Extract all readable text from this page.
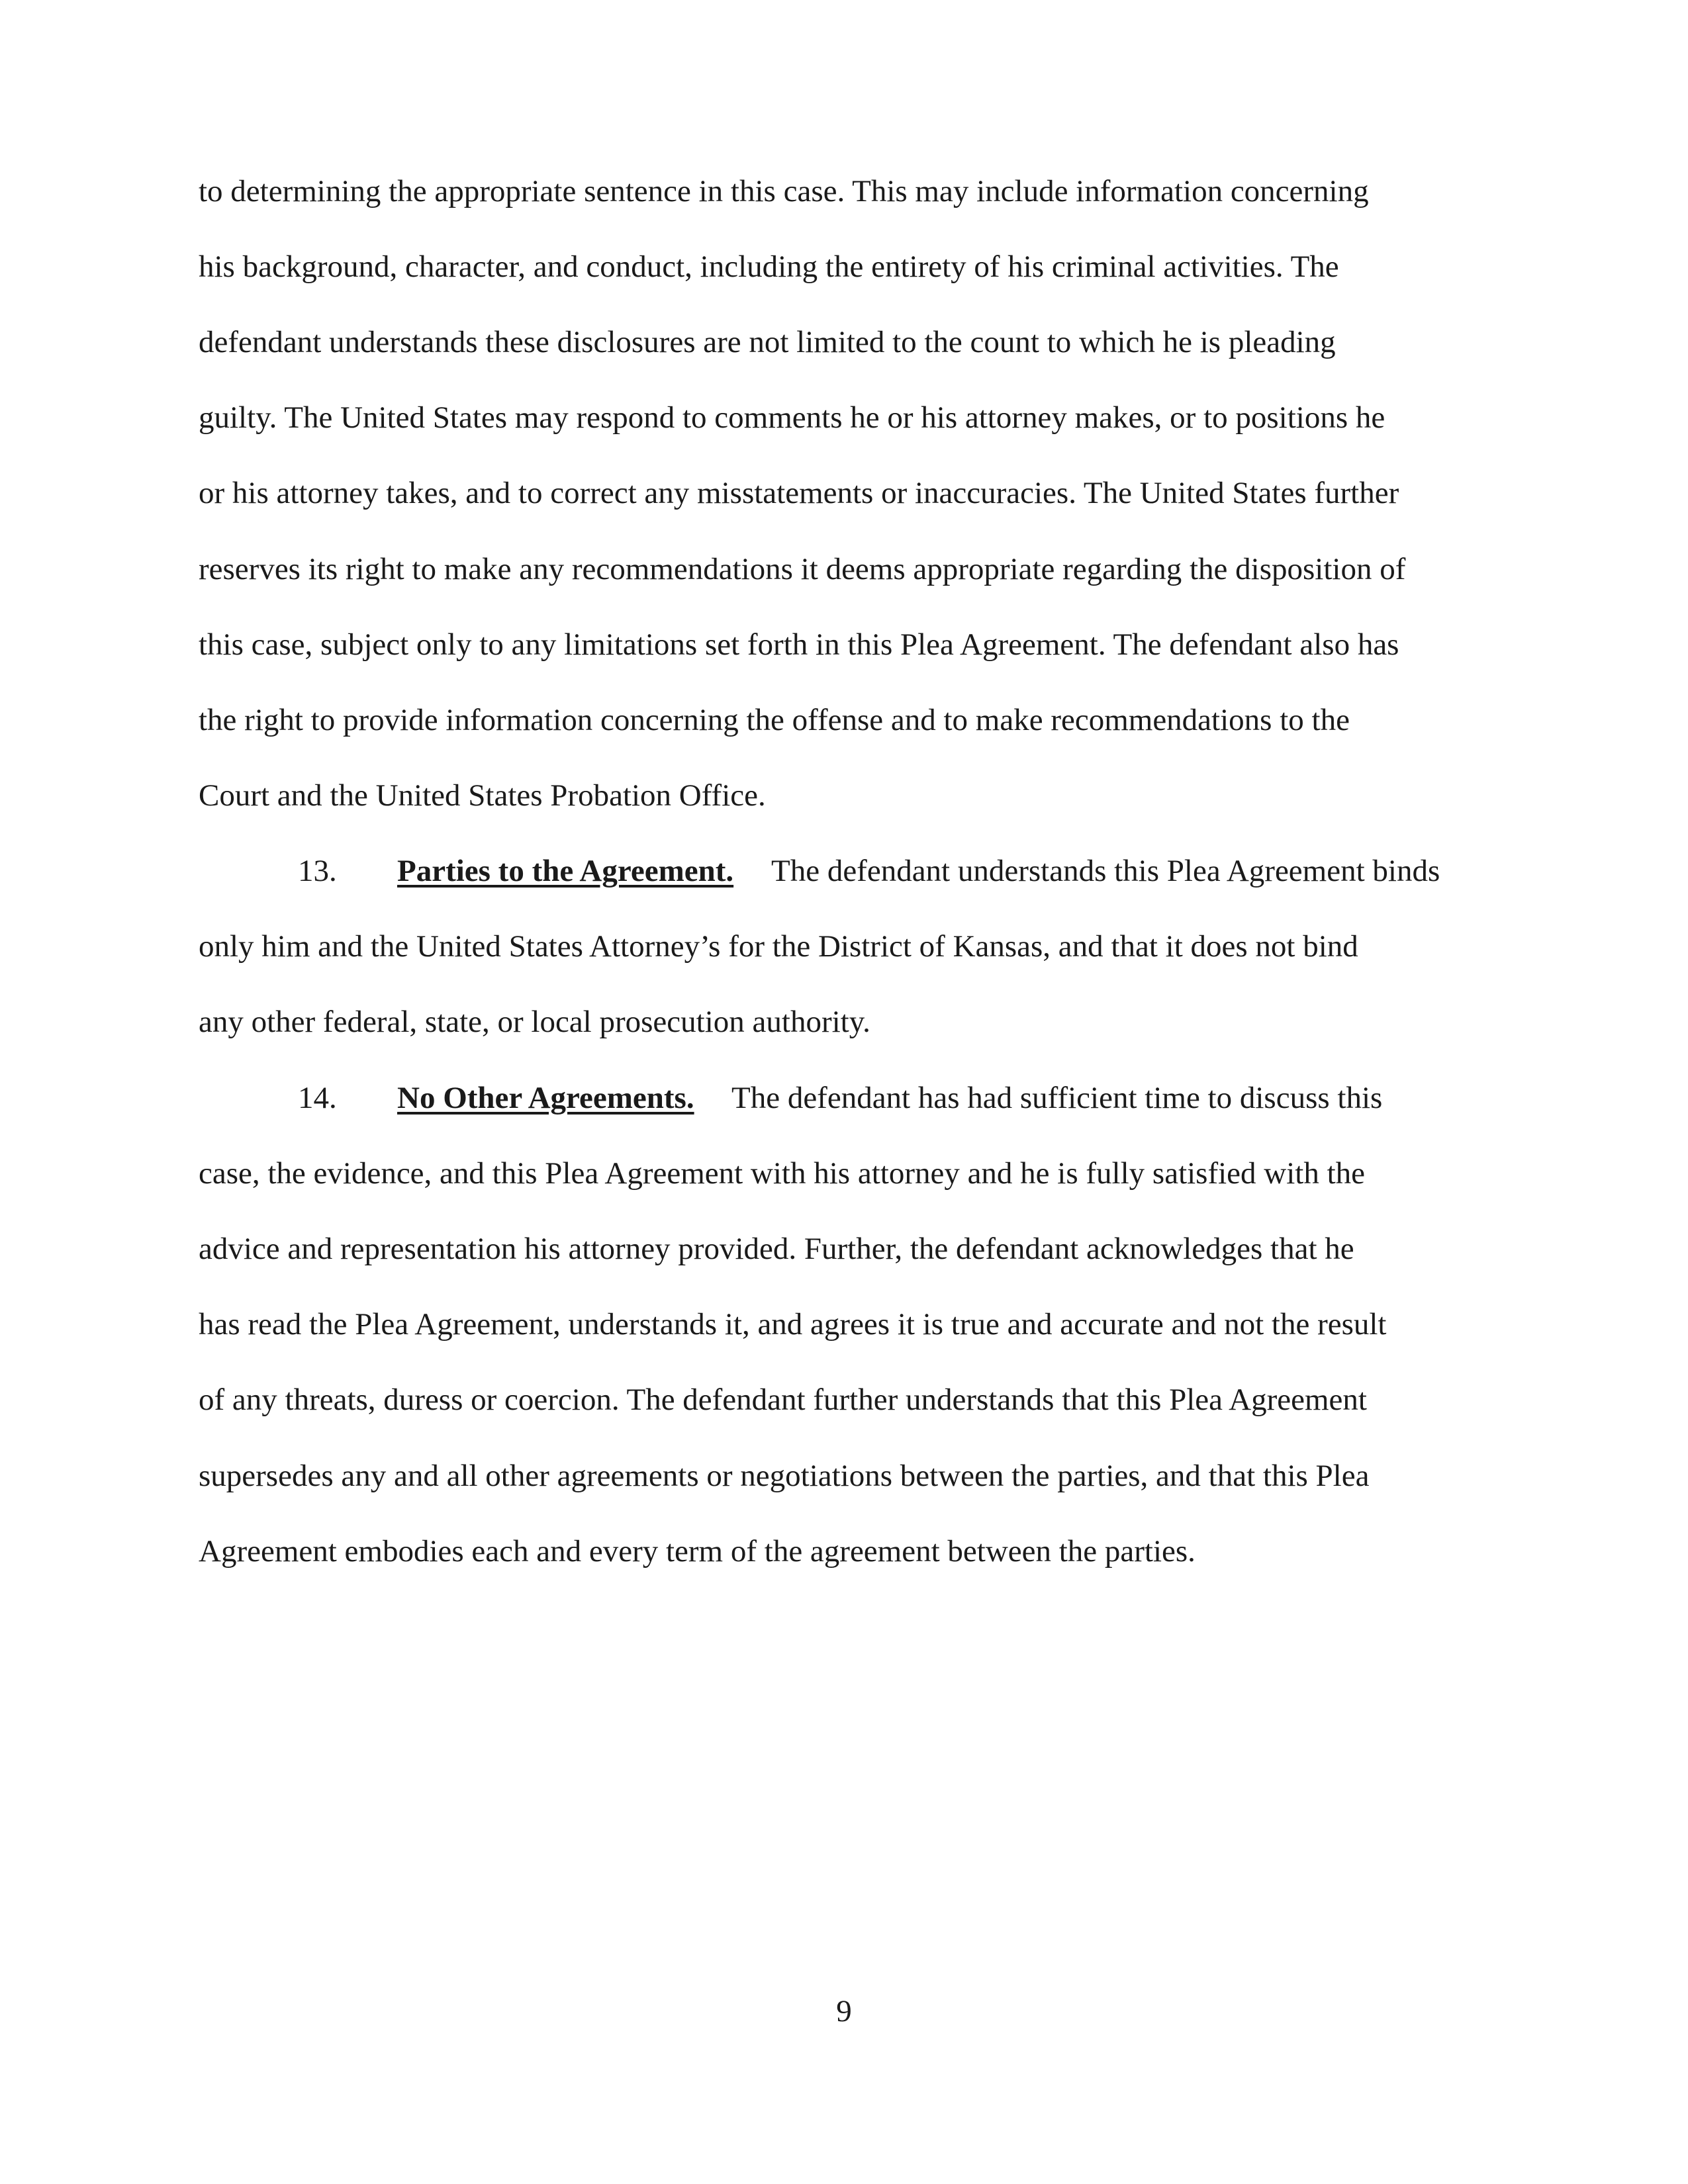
to determining the appropriate sentence in this case. This may include information concerning
his background, character, and conduct, including the entirety of his criminal activities. The
defendant understands these disclosures are not limited to the count to which he is pleading
guilty. The United States may respond to comments he or his attorney makes, or to positions he
or his attorney takes, and to correct any misstatements or inaccuracies. The United States further
reserves its right to make any recommendations it deems appropriate regarding the disposition of
this case, subject only to any limitations set forth in this Plea Agreement. The defendant also has
the right to provide information concerning the offense and to make recommendations to the
Court and the United States Probation Office.
13. Parties to the Agreement. The defendant understands this Plea Agreement binds
only him and the United States Attorney’s for the District of Kansas, and that it does not bind
any other federal, state, or local prosecution authority.
14. No Other Agreements. The defendant has had sufficient time to discuss this
case, the evidence, and this Plea Agreement with his attorney and he is fully satisfied with the
advice and representation his attorney provided. Further, the defendant acknowledges that he
has read the Plea Agreement, understands it, and agrees it is true and accurate and not the result
of any threats, duress or coercion. The defendant further understands that this Plea Agreement
supersedes any and all other agreements or negotiations between the parties, and that this Plea
Agreement embodies each and every term of the agreement between the parties.
9
